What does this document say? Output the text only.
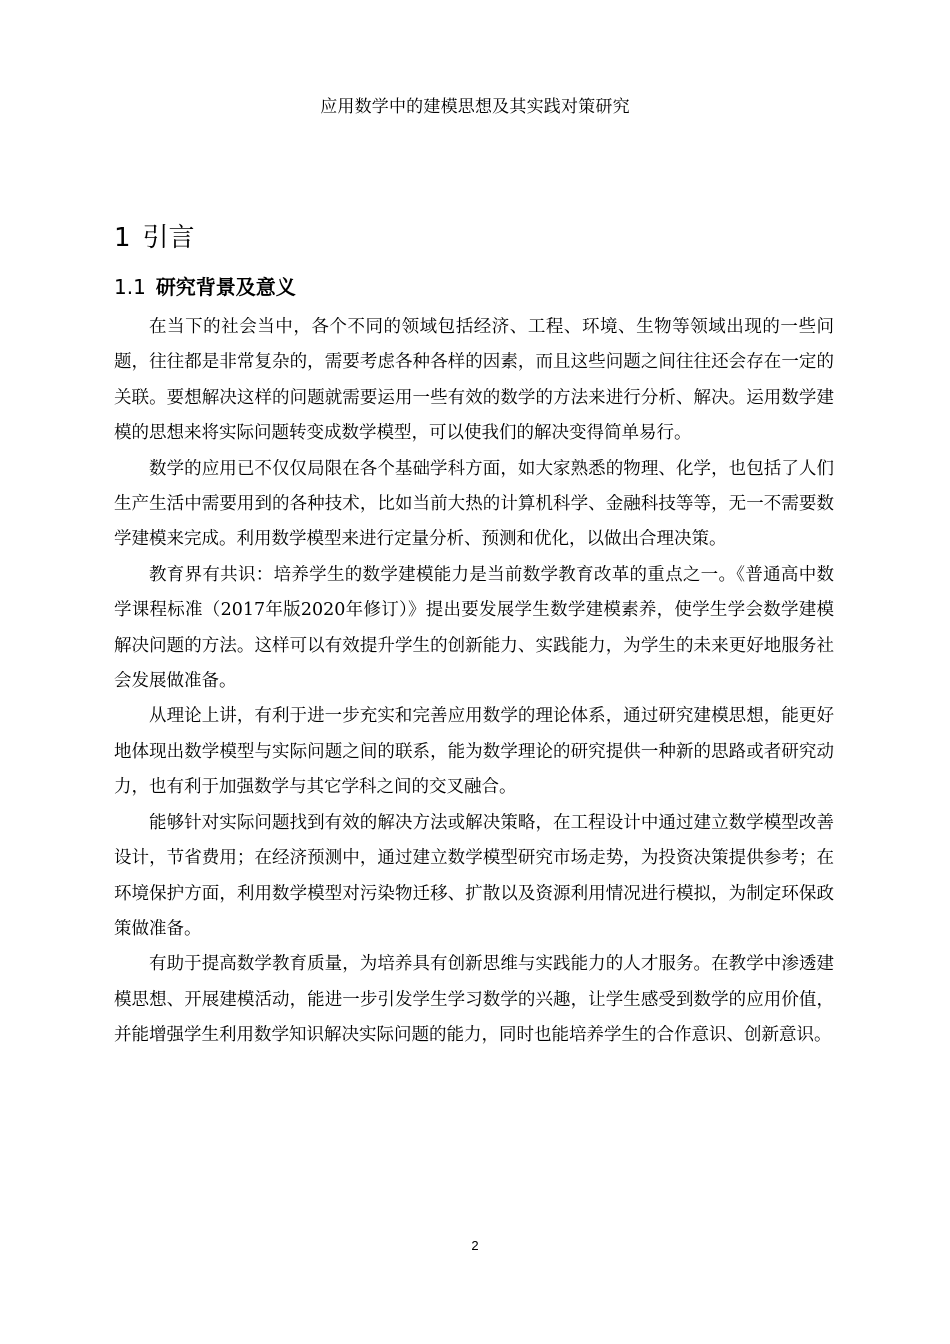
应用数学中的建模思想及其实践对策研究
1 引言
1.1 研究背景及意义

在当下的社会当中，各个不同的领域包括经济、工程、环境、生物等领域出现的一些问题，往往都是非常复杂的，需要考虑各种各样的因素，而且这些问题之间往往还会存在一定的关联。要想解决这样的问题就需要运用一些有效的数学的方法来进行分析、解决。运用数学建模的思想来将实际问题转变成数学模型，可以使我们的解决变得简单易行。

数学的应用已不仅仅局限在各个基础学科方面，如大家熟悉的物理、化学，也包括了人们生产生活中需要用到的各种技术，比如当前大热的计算机科学、金融科技等等，无一不需要数学建模来完成。利用数学模型来进行定量分析、预测和优化，以做出合理决策。

教育界有共识：培养学生的数学建模能力是当前数学教育改革的重点之一。《普通高中数学课程标准（2017年版2020年修订）》提出要发展学生数学建模素养，使学生学会数学建模解决问题的方法。这样可以有效提升学生的创新能力、实践能力，为学生的未来更好地服务社会发展做准备。

从理论上讲，有利于进一步充实和完善应用数学的理论体系，通过研究建模思想，能更好地体现出数学模型与实际问题之间的联系，能为数学理论的研究提供一种新的思路或者研究动力，也有利于加强数学与其它学科之间的交叉融合。

能够针对实际问题找到有效的解决方法或解决策略，在工程设计中通过建立数学模型改善设计，节省费用；在经济预测中，通过建立数学模型研究市场走势，为投资决策提供参考；在环境保护方面，利用数学模型对污染物迁移、扩散以及资源利用情况进行模拟，为制定环保政策做准备。

有助于提高数学教育质量，为培养具有创新思维与实践能力的人才服务。在教学中渗透建模思想、开展建模活动，能进一步引发学生学习数学的兴趣，让学生感受到数学的应用价值，并能增强学生利用数学知识解决实际问题的能力，同时也能培养学生的合作意识、创新意识。

2
